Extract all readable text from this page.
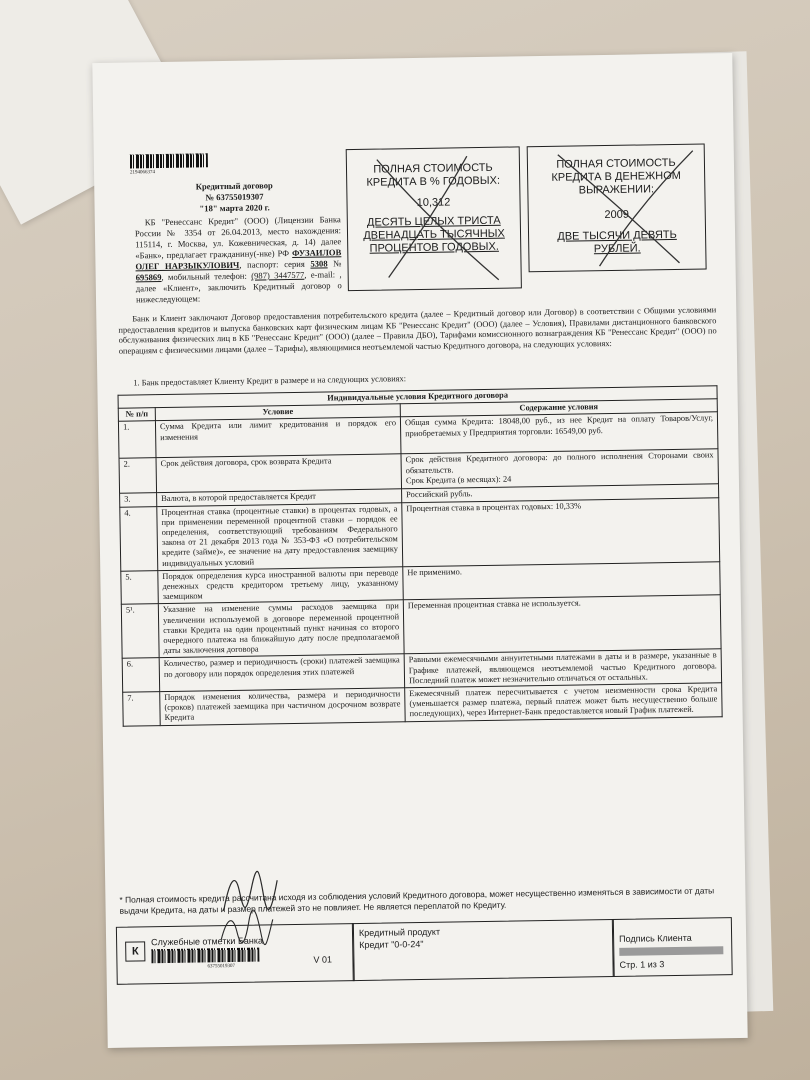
2194066374
Кредитный договор
№ 63755019307
"18" марта 2020 г.
КБ "Ренессанс Кредит" (ООО) (Лицензии Банка России № 3354 от 26.04.2013, место нахождения: 115114, г. Москва, ул. Кожевническая, д. 14) далее «Банк», предлагает гражданину(-нке) РФ ФУЗАИЛОВ ОЛЕГ НАРЗЫКУЛОВИЧ, паспорт: серия 5308 № 695869, мобильный телефон: (987) 3447577, e-mail: , далее «Клиент», заключить Кредитный договор о нижеследующем:
ПОЛНАЯ СТОИМОСТЬ КРЕДИТА В % ГОДОВЫХ:
10,312
ДЕСЯТЬ ЦЕЛЫХ ТРИСТА ДВЕНАДЦАТЬ ТЫСЯЧНЫХ ПРОЦЕНТОВ ГОДОВЫХ.
ПОЛНАЯ СТОИМОСТЬ КРЕДИТА В ДЕНЕЖНОМ ВЫРАЖЕНИИ:
2009
ДВЕ ТЫСЯЧИ ДЕВЯТЬ РУБЛЕЙ.
Банк и Клиент заключают Договор предоставления потребительского кредита (далее – Кредитный договор или Договор) в соответствии с Общими условиями предоставления кредитов и выпуска банковских карт физическим лицам КБ "Ренессанс Кредит" (ООО) (далее – Условия), Правилами дистанционного банковского обслуживания физических лиц в КБ "Ренессанс Кредит" (ООО) (далее – Правила ДБО), Тарифами комиссионного вознаграждения КБ "Ренессанс Кредит" (ООО) по операциям с физическими лицами (далее – Тарифы), являющимися неотъемлемой частью Кредитного договора, на следующих условиях:
1. Банк предоставляет Клиенту Кредит в размере и на следующих условиях:
Индивидуальные условия Кредитного договора		
№ п/п	Условие	Содержание условия
1.	Сумма Кредита или лимит кредитования и порядок его изменения	Общая сумма Кредита: 18048,00 руб., из нее Кредит на оплату Товаров/Услуг, приобретаемых у Предприятия торговли: 16549,00 руб.
2.	Срок действия договора, срок возврата Кредита	Срок действия Кредитного договора: до полного исполнения Сторонами своих обязательств.
Срок Кредита (в месяцах): 24
3.	Валюта, в которой предоставляется Кредит	Российский рубль.
4.	Процентная ставка (процентные ставки) в процентах годовых, а при применении переменной процентной ставки – порядок ее определения, соответствующий требованиям Федерального закона от 21 декабря 2013 года № 353-ФЗ «О потребительском кредите (займе)», ее значение на дату предоставления заемщику индивидуальных условий	Процентная ставка в процентах годовых: 10,33%
5.	Порядок определения курса иностранной валюты при переводе денежных средств кредитором третьему лицу, указанному заемщиком	Не применимо.
5¹.	Указание на изменение суммы расходов заемщика при увеличении используемой в договоре переменной процентной ставки Кредита на один процентный пункт начиная со второго очередного платежа на ближайшую дату после предполагаемой даты заключения договора	Переменная процентная ставка не используется.
6.	Количество, размер и периодичность (сроки) платежей заемщика по договору или порядок определения этих платежей	Равными ежемесячными аннуитетными платежами в даты и в размере, указанные в Графике платежей, являющемся неотъемлемой частью Кредитного договора. Последний платеж может незначительно отличаться от остальных.
7.	Порядок изменения количества, размера и периодичности (сроков) платежей заемщика при частичном досрочном возврате Кредита	Ежемесячный платеж пересчитывается с учетом неизменности срока Кредита (уменьшается размер платежа, первый платеж может быть несущественно больше последующих), через Интернет-Банк предоставляется новый График платежей.
* Полная стоимость кредита рассчитана исходя из соблюдения условий Кредитного договора, может несущественно изменяться в зависимости от даты выдачи Кредита, на даты и размер платежей это не повлияет. Не является переплатой по Кредиту.
К
Служебные отметки Банка
63755019307
V 01
Кредитный продукт
Кредит "0-0-24"
Подпись Клиента
Стр. 1 из 3
